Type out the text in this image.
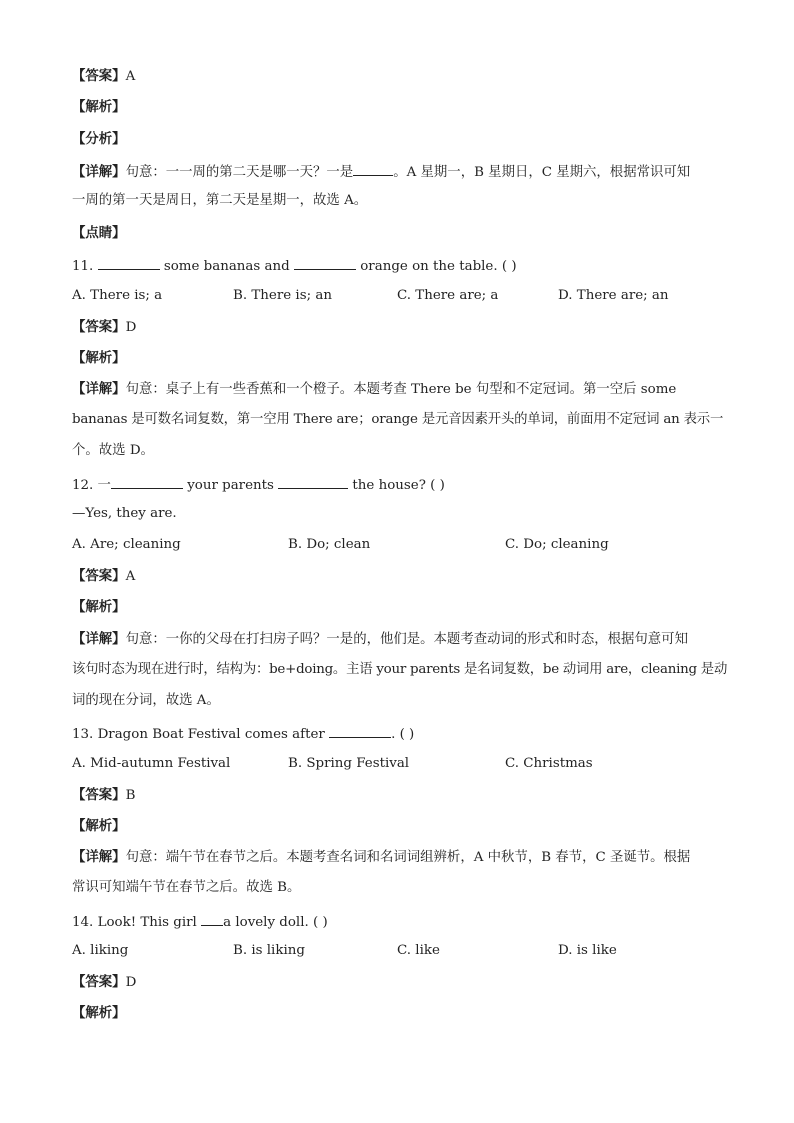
【答案】A
【解析】
【分析】
【详解】句意：一一周的第二天是哪一天？一是	。A 星期一，B 星期日，C 星期六，根据常识可知
一周的第一天是周日，第二天是星期一，故选 A。
【点睛】
11.	some bananas and	orange on the table. ( )
A. There is; a	B. There is; an	C. There are; a	D. There are; an
【答案】D
【解析】
【详解】句意：桌子上有一些香蕉和一个橙子。本题考查 There be 句型和不定冠词。第一空后 some
bananas 是可数名词复数，第一空用 There are；orange 是元音因素开头的单词，前面用不定冠词 an 表示一
个。故选 D。
12. 一	your parents	the house? ( )
—Yes, they are.
A. Are; cleaning	B. Do; clean	C. Do; cleaning
【答案】A
【解析】
【详解】句意：一你的父母在打扫房子吗？一是的，他们是。本题考查动词的形式和时态，根据句意可知
该句时态为现在进行时，结构为：be+doing。主语 your parents 是名词复数，be 动词用 are，cleaning 是动
词的现在分词，故选 A。
13. Dragon Boat Festival comes after	. ( )
A. Mid-autumn Festival	B. Spring Festival	C. Christmas
【答案】B
【解析】
【详解】句意：端午节在春节之后。本题考查名词和名词词组辨析，A 中秋节，B 春节，C 圣诞节。根据
常识可知端午节在春节之后。故选 B。
14. Look! This girl a lovely doll. ( )
A. liking	B. is liking	C. like	D. is like
【答案】D
【解析】
